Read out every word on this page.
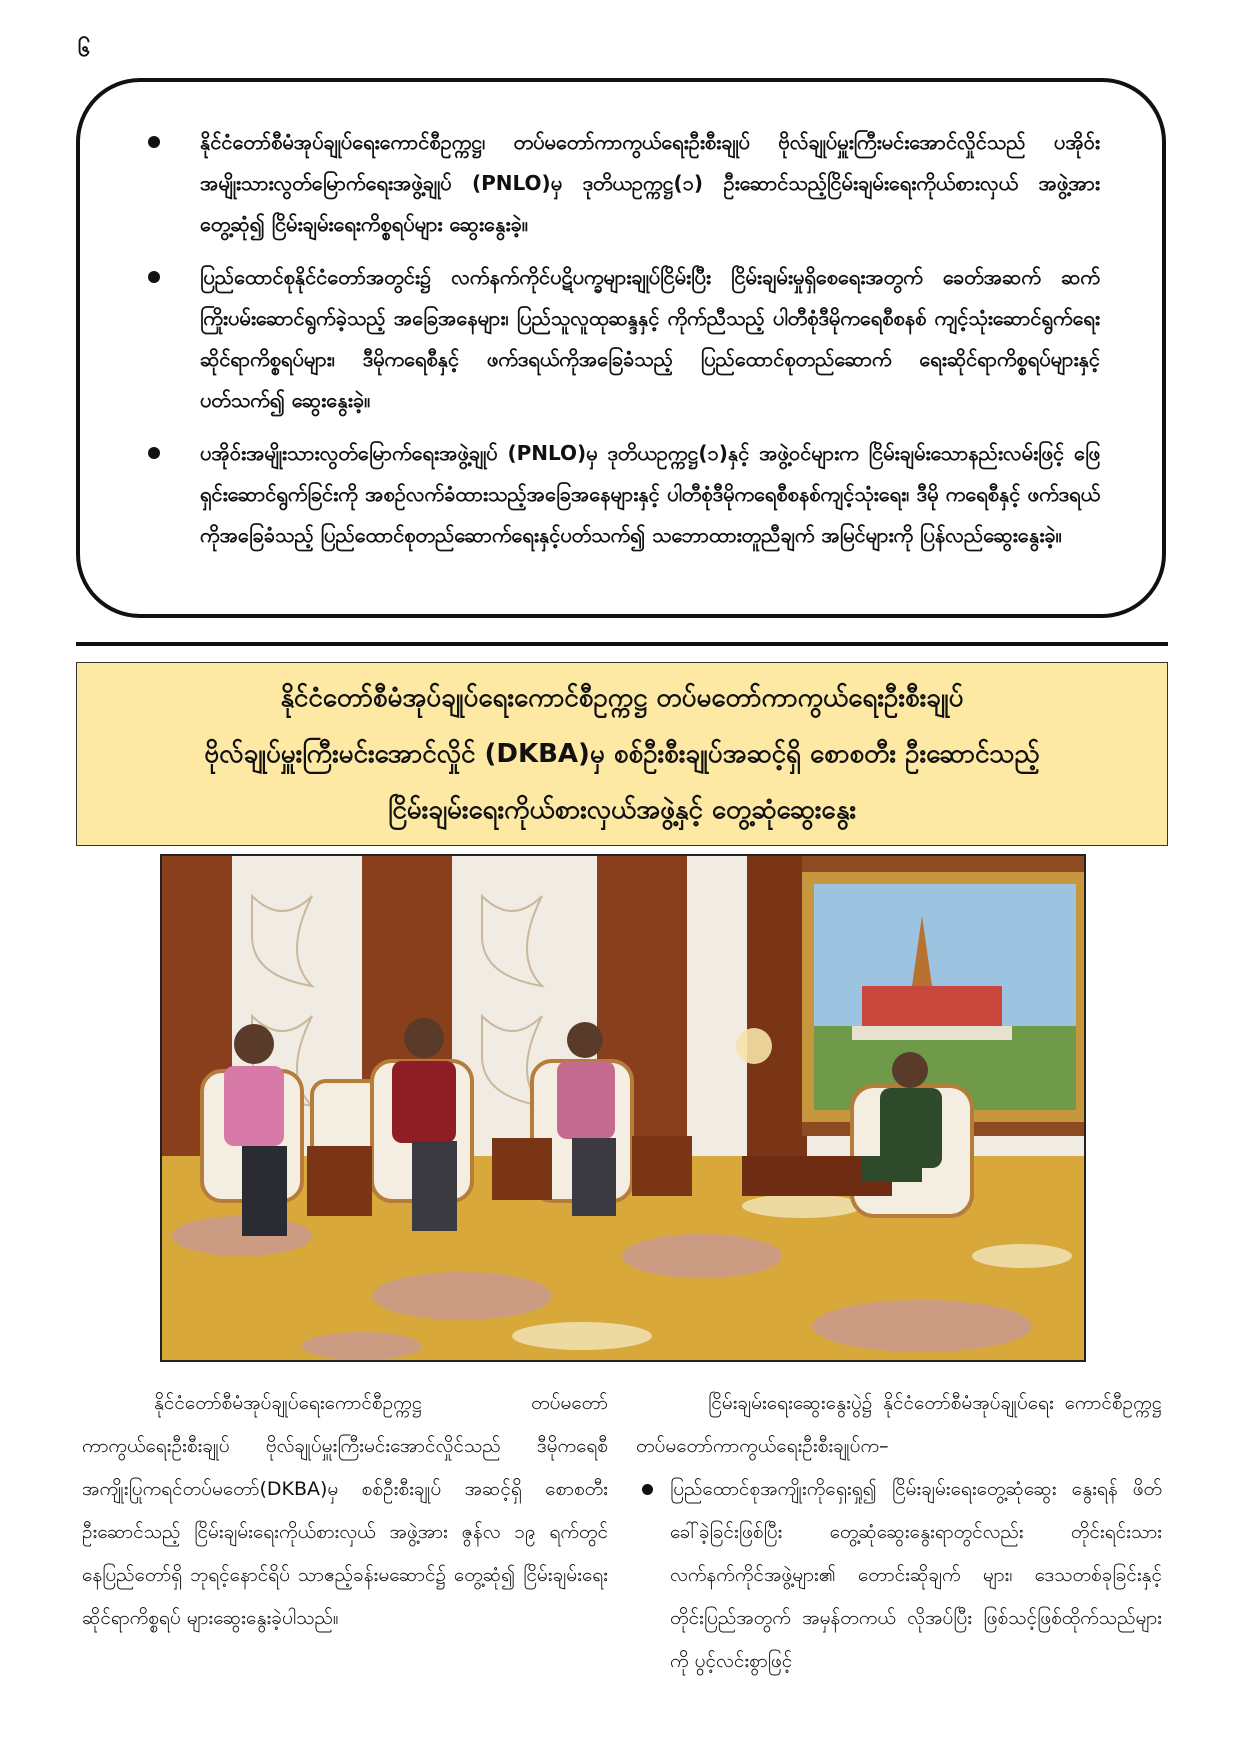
၆
နိုင်ငံတော်စီမံအုပ်ချုပ်ရေးကောင်စီဥက္ကဋ္ဌ၊ တပ်မတော်ကာကွယ်ရေးဦးစီးချုပ် ဗိုလ်ချုပ်မှူးကြီးမင်းအောင်လှိုင်သည် ပအိုဝ်းအမျိုးသားလွတ်မြောက်ရေးအဖွဲ့ချုပ် (PNLO)မှ ဒုတိယဥက္ကဋ္ဌ(၁) ဦးဆောင်သည့်ငြိမ်းချမ်းရေးကိုယ်စားလှယ် အဖွဲ့အားတွေ့ဆုံ၍ ငြိမ်းချမ်းရေးကိစ္စရပ်များ ဆွေးနွေးခဲ့။
ပြည်ထောင်စုနိုင်ငံတော်အတွင်း၌ လက်နက်ကိုင်ပဋိပက္ခများချုပ်ငြိမ်းပြီး ငြိမ်းချမ်းမှုရှိစေရေးအတွက် ခေတ်အဆက် ဆက်ကြိုးပမ်းဆောင်ရွက်ခဲ့သည့် အခြေအနေများ၊ ပြည်သူလူထုဆန္ဒနှင့် ကိုက်ညီသည့် ပါတီစုံဒီမိုကရေစီစနစ် ကျင့်သုံးဆောင်ရွက်ရေးဆိုင်ရာကိစ္စရပ်များ၊ ဒီမိုကရေစီနှင့် ဖက်ဒရယ်ကိုအခြေခံသည့် ပြည်ထောင်စုတည်ဆောက် ရေးဆိုင်ရာကိစ္စရပ်များနှင့်ပတ်သက်၍ ဆွေးနွေးခဲ့။
ပအိုဝ်းအမျိုးသားလွတ်မြောက်ရေးအဖွဲ့ချုပ် (PNLO)မှ ဒုတိယဥက္ကဋ္ဌ(၁)နှင့် အဖွဲ့ဝင်များက ငြိမ်းချမ်းသောနည်းလမ်းဖြင့် ဖြေရှင်းဆောင်ရွက်ခြင်းကို အစဉ်လက်ခံထားသည့်အခြေအနေများနှင့် ပါတီစုံဒီမိုကရေစီစနစ်ကျင့်သုံးရေး၊ ဒီမို ကရေစီနှင့် ဖက်ဒရယ်ကိုအခြေခံသည့် ပြည်ထောင်စုတည်ဆောက်ရေးနှင့်ပတ်သက်၍ သဘောထားတူညီချက် အမြင်များကို ပြန်လည်ဆွေးနွေးခဲ့။
နိုင်ငံတော်စီမံအုပ်ချုပ်ရေးကောင်စီဥက္ကဋ္ဌ တပ်မတော်ကာကွယ်ရေးဦးစီးချုပ်
ဗိုလ်ချုပ်မှူးကြီးမင်းအောင်လှိုင် (DKBA)မှ စစ်ဦးစီးချုပ်အဆင့်ရှိ စောစတီး ဦးဆောင်သည့်
ငြိမ်းချမ်းရေးကိုယ်စားလှယ်အဖွဲ့နှင့် တွေ့ဆုံဆွေးနွေး

နိုင်ငံတော်စီမံအုပ်ချုပ်ရေးကောင်စီဥက္ကဋ္ဌ တပ်မတော် ကာကွယ်ရေးဦးစီးချုပ် ဗိုလ်ချုပ်မှူးကြီးမင်းအောင်လှိုင်သည် ဒီမိုကရေစီအကျိုးပြုကရင်တပ်မတော်(DKBA)မှ စစ်ဦးစီးချုပ် အဆင့်ရှိ စောစတီး ဦးဆောင်သည့် ငြိမ်းချမ်းရေးကိုယ်စားလှယ် အဖွဲ့အား ဇွန်လ ၁၉ ရက်တွင် နေပြည်တော်ရှိ ဘုရင့်နောင်ရိပ် သာဧည့်ခန်းမဆောင်၌ တွေ့ဆုံ၍ ငြိမ်းချမ်းရေးဆိုင်ရာကိစ္စရပ် များဆွေးနွေးခဲ့ပါသည်။

ငြိမ်းချမ်းရေးဆွေးနွေးပွဲ၌ နိုင်ငံတော်စီမံအုပ်ချုပ်ရေး ကောင်စီဥက္ကဋ္ဌ တပ်မတော်ကာကွယ်ရေးဦးစီးချုပ်က–

ပြည်ထောင်စုအကျိုးကိုရှေးရှု၍ ငြိမ်းချမ်းရေးတွေ့ဆုံဆွေး နွေးရန် ဖိတ်ခေါ်ခဲ့ခြင်းဖြစ်ပြီး တွေ့ဆုံဆွေးနွေးရာတွင်လည်း တိုင်းရင်းသားလက်နက်ကိုင်အဖွဲ့များ၏ တောင်းဆိုချက် များ၊ ဒေသတစ်ခုခြင်းနှင့် တိုင်းပြည်အတွက် အမှန်တကယ် လိုအပ်ပြီး ဖြစ်သင့်ဖြစ်ထိုက်သည်များကို ပွင့်လင်းစွာဖြင့်
